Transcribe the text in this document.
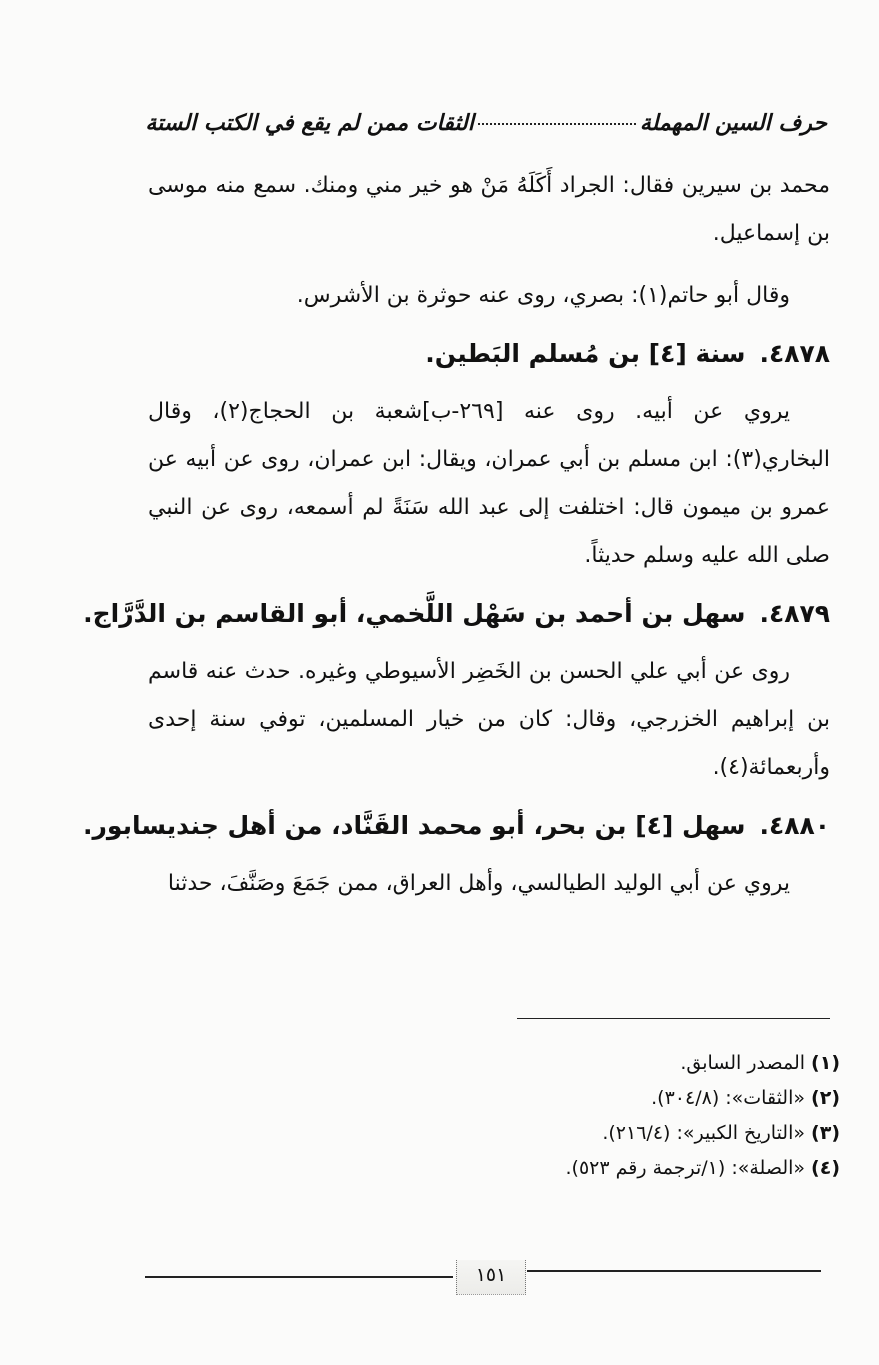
حرف السين المهملةالثقات ممن لم يقع في الكتب الستة

محمد بن سيرين فقال: الجراد أَكَلَهُ مَنْ هو خير مني ومنك. سمع منه موسى بن إسماعيل.

وقال أبو حاتم(١): بصري، روى عنه حوثرة بن الأشرس.

٤٨٧٨.سنة [٤] بن مُسلم البَطين.

يروي عن أبيه. روى عنه [٢٦٩-ب]شعبة بن الحجاج(٢)، وقال البخاري(٣): ابن مسلم بن أبي عمران، ويقال: ابن عمران، روى عن أبيه عن عمرو بن ميمون قال: اختلفت إلى عبد الله سَنَةً لم أسمعه، روى عن النبي صلى الله عليه وسلم حديثاً.

٤٨٧٩.سهل بن أحمد بن سَهْل اللَّخمي، أبو القاسم بن الدَّرَّاج.

روى عن أبي علي الحسن بن الخَضِر الأسيوطي وغيره. حدث عنه قاسم بن إبراهيم الخزرجي، وقال: كان من خيار المسلمين، توفي سنة إحدى وأربعمائة(٤).

٤٨٨٠.سهل [٤] بن بحر، أبو محمد القَنَّاد، من أهل جنديسابور.

يروي عن أبي الوليد الطيالسي، وأهل العراق، ممن جَمَعَ وصَنَّفَ، حدثنا

(١)المصدر السابق.

(٢)«الثقات»: (٣٠٤/٨).

(٣)«التاريخ الكبير»: (٢١٦/٤).

(٤)«الصلة»: (١/ترجمة رقم ٥٢٣).

١٥١
